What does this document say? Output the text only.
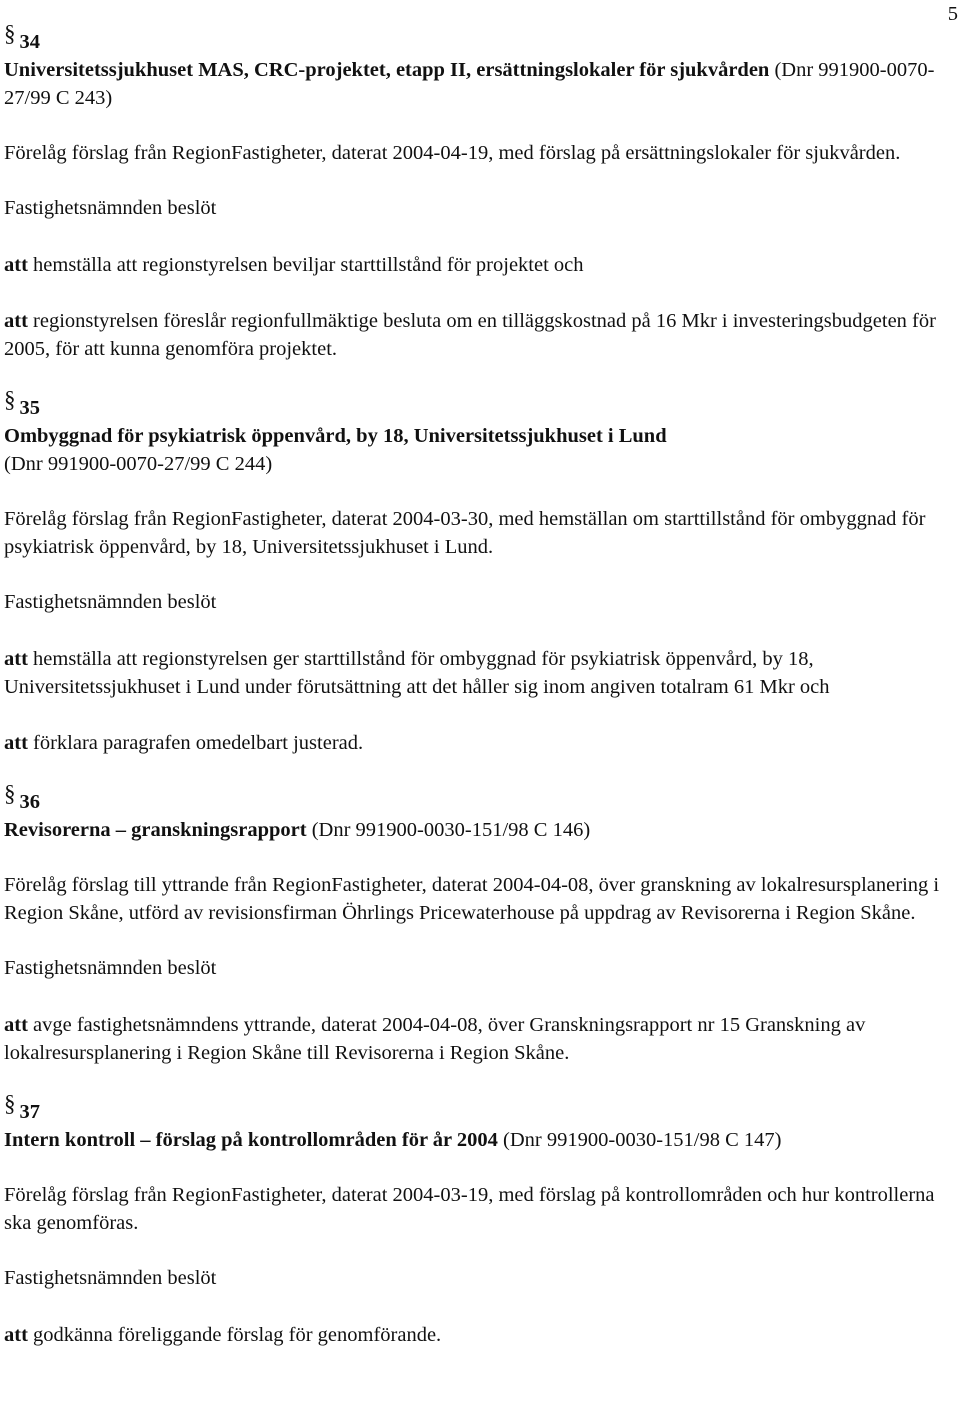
5
§ 34

Universitetssjukhuset MAS, CRC-projektet, etapp II, ersättningslokaler för sjukvården (Dnr 991900-0070-27/99 C 243)

Förelåg förslag från RegionFastigheter, daterat 2004-04-19, med förslag på ersättningslokaler för sjukvården.

Fastighetsnämnden beslöt

att hemställa att regionstyrelsen beviljar starttillstånd för projektet och

att regionstyrelsen föreslår regionfullmäktige besluta om en tilläggskostnad på 16 Mkr i investeringsbudgeten för 2005, för att kunna genomföra projektet.

§ 35

Ombyggnad för psykiatrisk öppenvård, by 18, Universitetssjukhuset i Lund

(Dnr 991900-0070-27/99 C 244)

Förelåg förslag från RegionFastigheter, daterat 2004-03-30, med hemställan om starttillstånd för ombyggnad för psykiatrisk öppenvård, by 18, Universitetssjukhuset i Lund.

Fastighetsnämnden beslöt

att hemställa att regionstyrelsen ger starttillstånd för ombyggnad för psykiatrisk öppenvård, by 18, Universitetssjukhuset i Lund under förutsättning att det håller sig inom angiven totalram 61 Mkr och

att förklara paragrafen omedelbart justerad.

§ 36

Revisorerna – granskningsrapport (Dnr 991900-0030-151/98 C 146)

Förelåg förslag till yttrande från RegionFastigheter, daterat 2004-04-08, över granskning av lokalresursplanering i Region Skåne, utförd av revisionsfirman Öhrlings Pricewaterhouse på uppdrag av Revisorerna i Region Skåne.

Fastighetsnämnden beslöt

att avge fastighetsnämndens yttrande, daterat 2004-04-08, över Granskningsrapport nr 15 Granskning av lokalresursplanering i Region Skåne till Revisorerna i Region Skåne.

§ 37

Intern kontroll – förslag på kontrollområden för år 2004 (Dnr 991900-0030-151/98 C 147)

Förelåg förslag från RegionFastigheter, daterat 2004-03-19, med förslag på kontrollområden och hur kontrollerna ska genomföras.

Fastighetsnämnden beslöt

att godkänna föreliggande förslag för genomförande.
